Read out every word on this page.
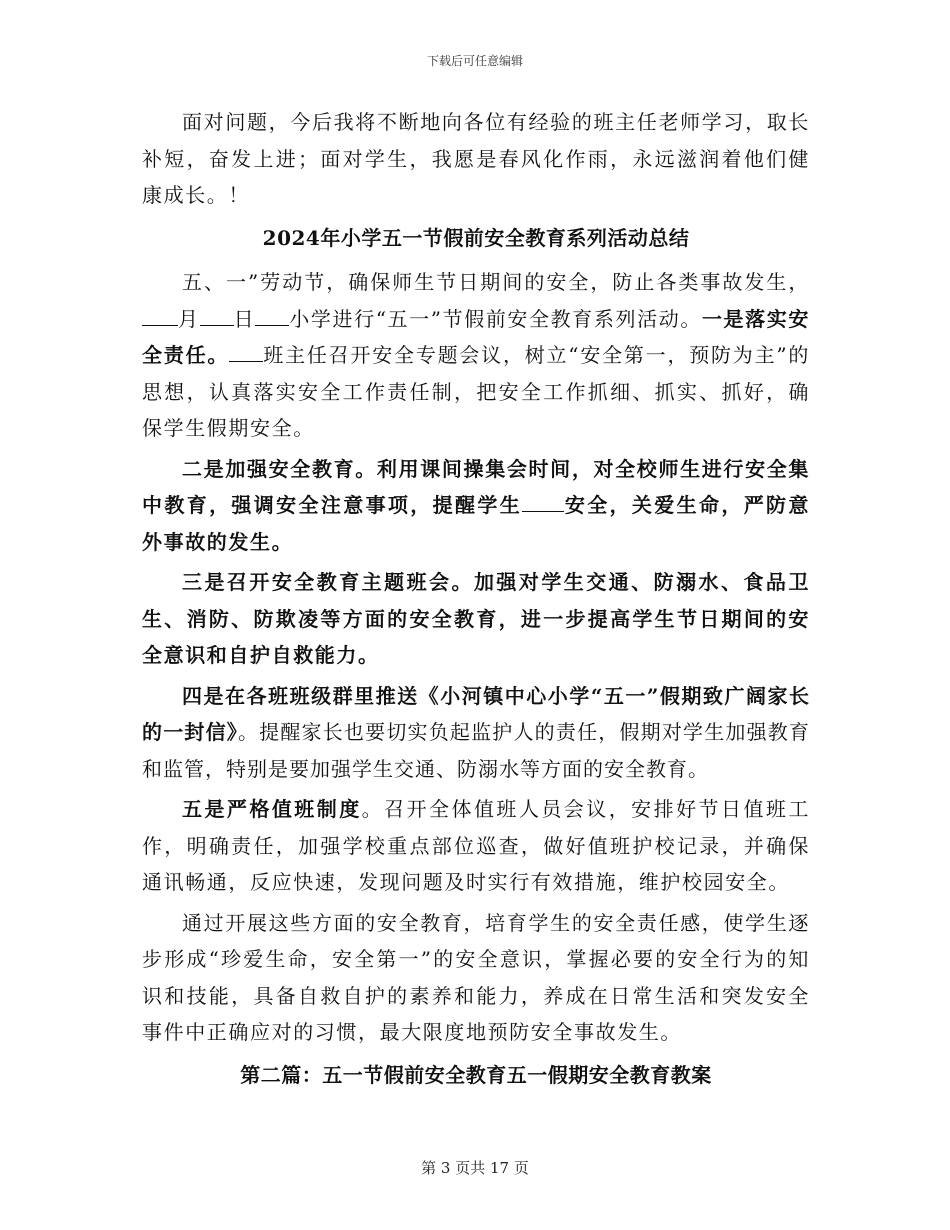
下载后可任意编辑

面对问题，今后我将不断地向各位有经验的班主任老师学习，取长补短，奋发上进；面对学生，我愿是春风化作雨，永远滋润着他们健康成长。！

2024年小学五一节假前安全教育系列活动总结

五、一”劳动节，确保师生节日期间的安全，防止各类事故发生，月 日 小学进行“五一”节假前安全教育系列活动。一是落实安全责任。 班主任召开安全专题会议，树立“安全第一，预防为主”的思想，认真落实安全工作责任制，把安全工作抓细、抓实、抓好，确保学生假期安全。

二是加强安全教育。利用课间操集会时间，对全校师生进行安全集中教育，强调安全注意事项，提醒学生 安全，关爱生命，严防意外事故的发生。

三是召开安全教育主题班会。加强对学生交通、防溺水、食品卫生、消防、防欺凌等方面的安全教育，进一步提高学生节日期间的安全意识和自护自救能力。

四是在各班班级群里推送《小河镇中心小学“五一”假期致广阔家长的一封信》。提醒家长也要切实负起监护人的责任，假期对学生加强教育和监管，特别是要加强学生交通、防溺水等方面的安全教育。

五是严格值班制度。召开全体值班人员会议，安排好节日值班工作，明确责任，加强学校重点部位巡查，做好值班护校记录，并确保通讯畅通，反应快速，发现问题及时实行有效措施，维护校园安全。

通过开展这些方面的安全教育，培育学生的安全责任感，使学生逐步形成“珍爱生命，安全第一”的安全意识，掌握必要的安全行为的知识和技能，具备自救自护的素养和能力，养成在日常生活和突发安全事件中正确应对的习惯，最大限度地预防安全事故发生。

第二篇：五一节假前安全教育五一假期安全教育教案
第 3 页共 17 页
